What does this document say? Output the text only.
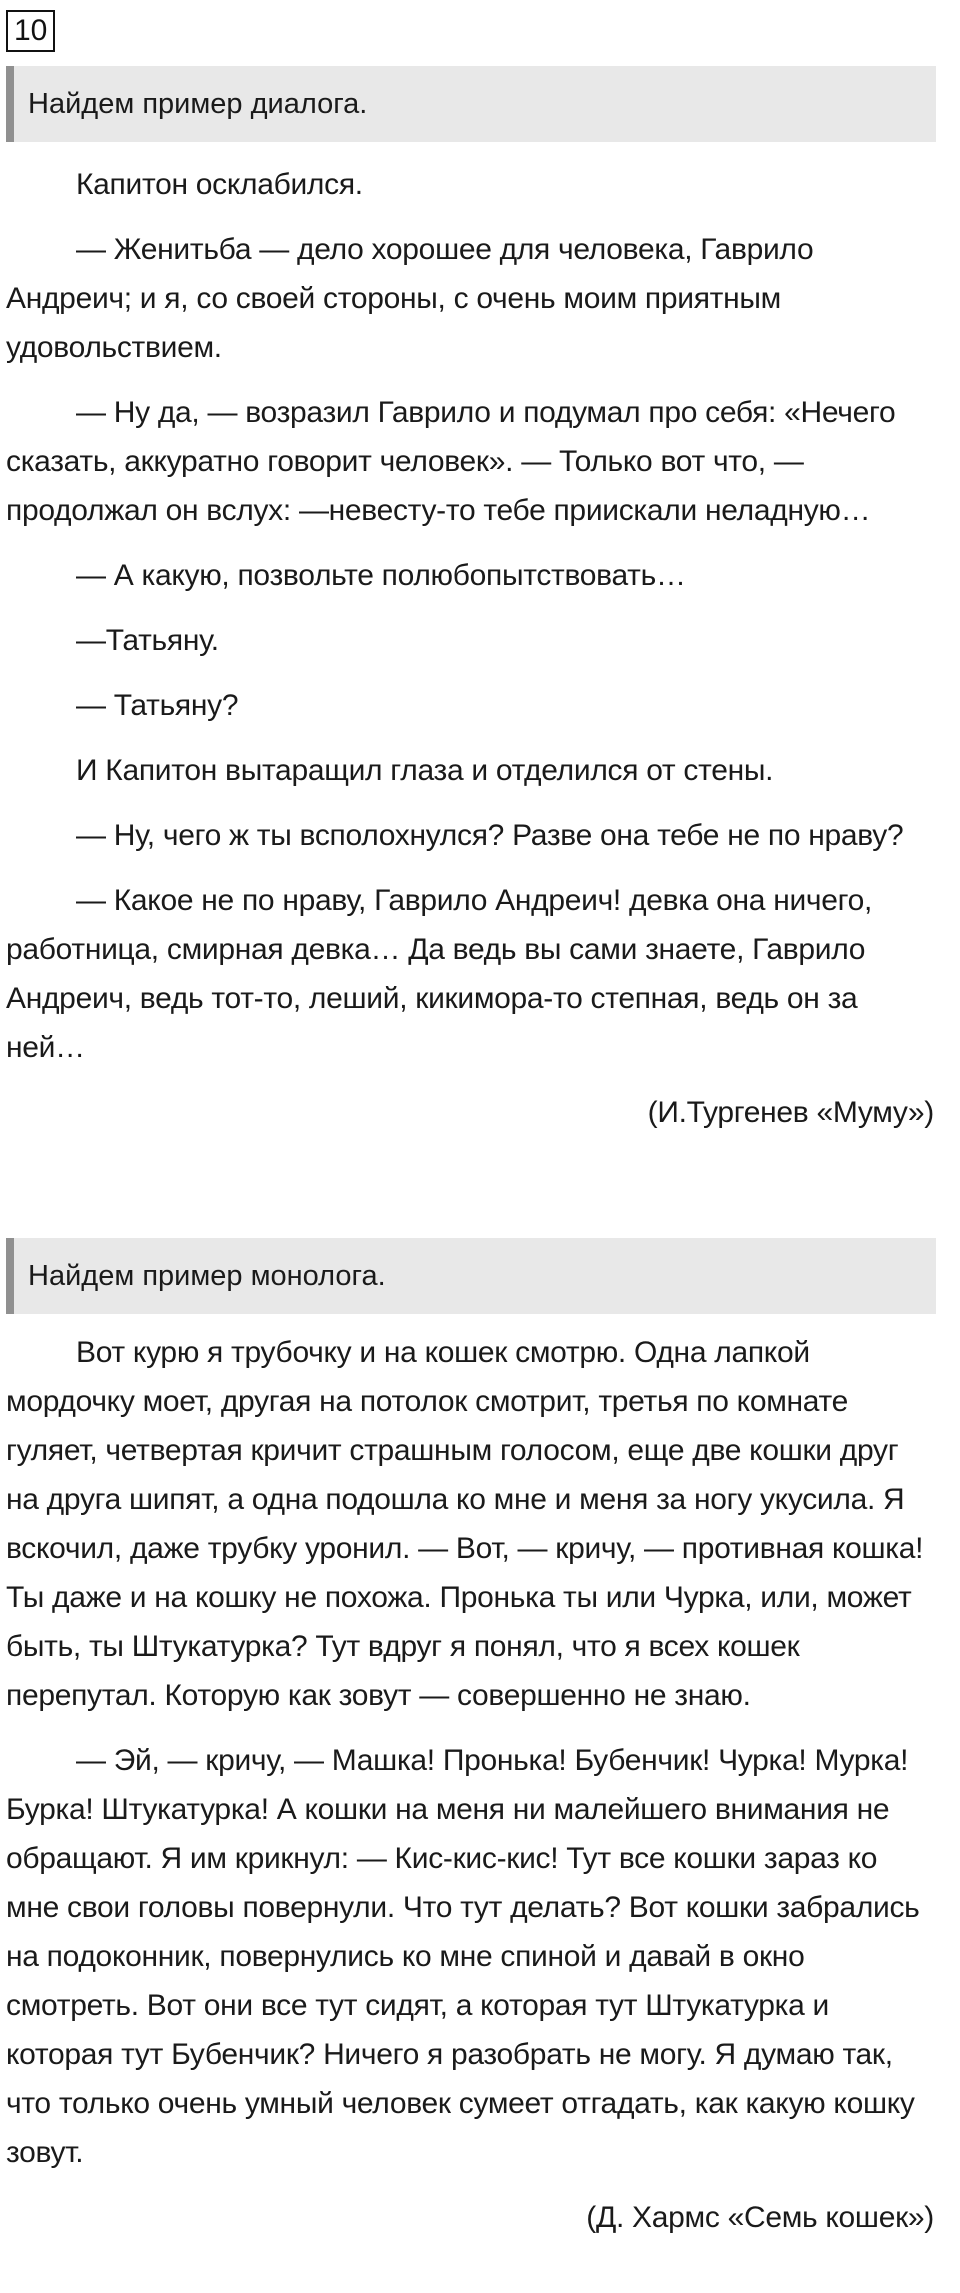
10
Найдем пример диалога.

Капитон осклабился.

— Женитьба — дело хорошее для человека, Гаврило Андреич; и я, со своей стороны, с очень моим приятным удовольствием.

— Ну да, — возразил Гаврило и подумал про себя: «Нечего сказать, аккуратно говорит человек». — Только вот что, — продолжал он вслух: —невесту-то тебе приискали неладную…

— А какую, позвольте полюбопытствовать…

—Татьяну.

— Татьяну?

И Капитон вытаращил глаза и отделился от стены.

— Ну, чего ж ты всполохнулся? Разве она тебе не по нраву?

— Какое не по нраву, Гаврило Андреич! девка она ничего, работница, смирная девка… Да ведь вы сами знаете, Гаврило Андреич, ведь тот-то, леший, кикимора-то степная, ведь он за ней…

(И.Тургенев «Муму»)

Найдем пример монолога.

Вот курю я трубочку и на кошек смотрю. Одна лапкой мордочку моет, другая на потолок смотрит, третья по комнате гуляет, четвертая кричит страшным голосом, еще две кошки друг на друга шипят, а одна подошла ко мне и меня за ногу укусила. Я вскочил, даже трубку уронил. — Вот, — кричу, — противная кошка! Ты даже и на кошку не похожа. Пронька ты или Чурка, или, может быть, ты Штукатурка? Тут вдруг я понял, что я всех кошек перепутал. Которую как зовут — совершенно не знаю.

— Эй, — кричу, — Машка! Пронька! Бубенчик! Чурка! Мурка! Бурка! Штукатурка! А кошки на меня ни малейшего внимания не обращают. Я им крикнул: — Кис-кис-кис! Тут все кошки зараз ко мне свои головы повернули. Что тут делать? Вот кошки забрались на подоконник, повернулись ко мне спиной и давай в окно смотреть. Вот они все тут сидят, а которая тут Штукатурка и которая тут Бубенчик? Ничего я разобрать не могу. Я думаю так, что только очень умный человек сумеет отгадать, как какую кошку зовут.

(Д. Хармс «Семь кошек»)
